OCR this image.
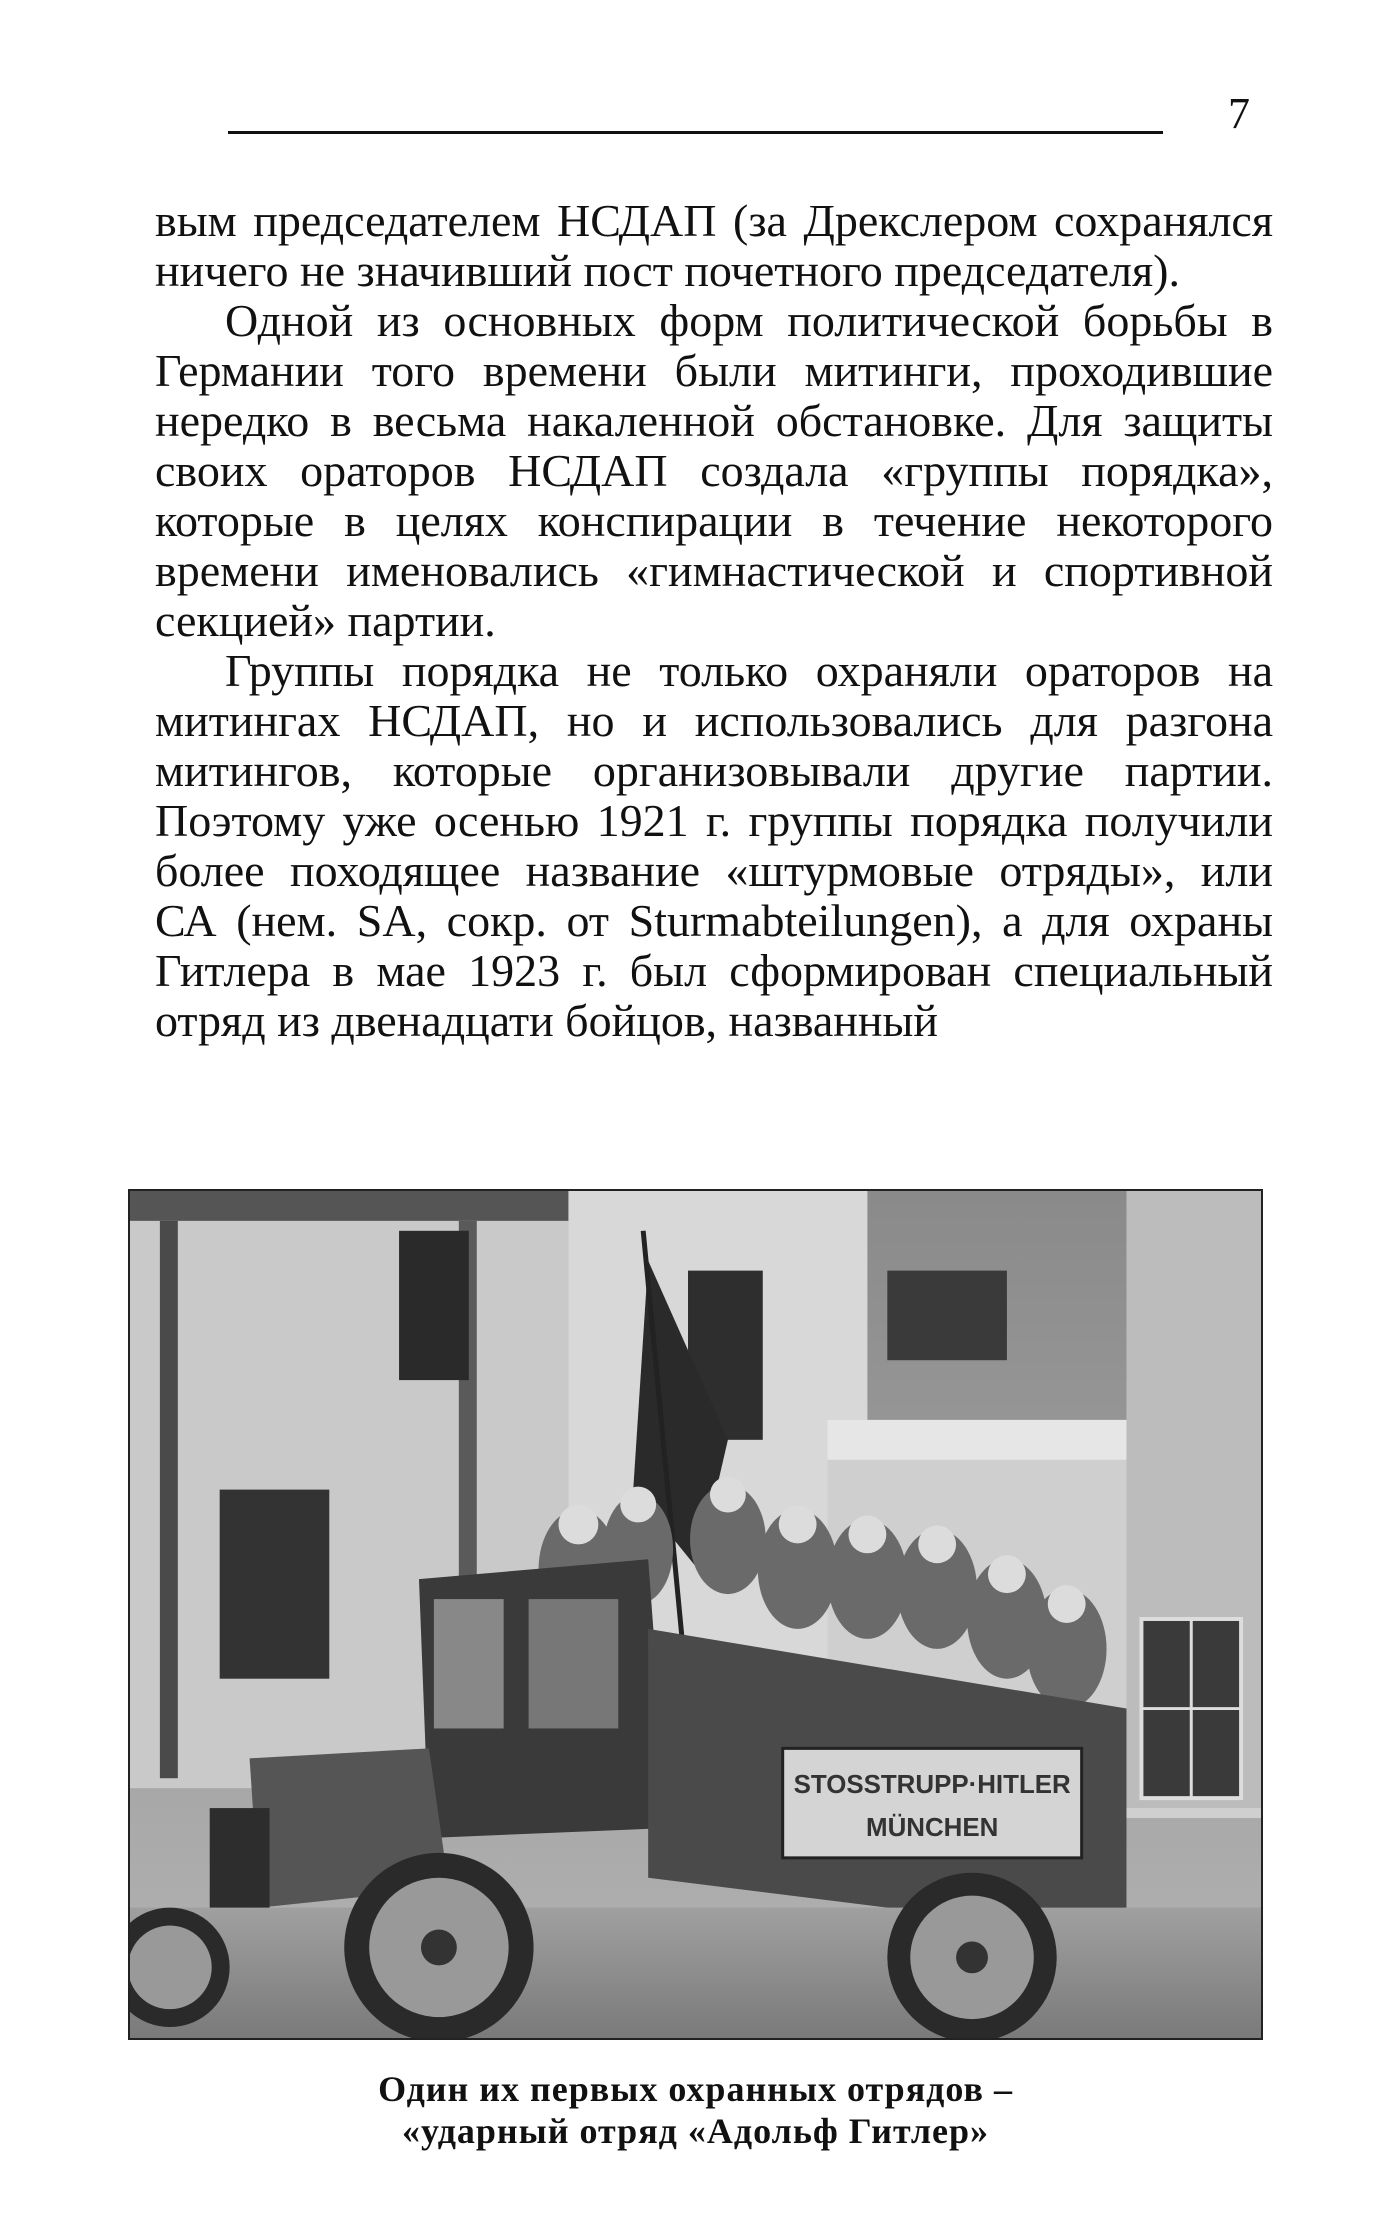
7

вым председателем НСДАП (за Дрекслером сохранялся ничего не значивший пост почетного председателя).

Одной из основных форм политической борьбы в Германии того времени были митинги, проходившие нередко в весьма накаленной обстановке. Для защиты своих ораторов НСДАП создала «группы порядка», которые в целях конспирации в течение некоторого времени именовались «гимнастической и спортивной секцией» партии.

Группы порядка не только охраняли ораторов на митингах НСДАП, но и использовались для разгона митингов, которые организовывали другие партии. Поэтому уже осенью 1921 г. группы порядка получили более походящее название «штурмовые отряды», или СА (нем. SA, сокр. от Sturmabteilungen), а для охраны Гитлера в мае 1923 г. был сформирован специальный отряд из двенадцати бойцов, названный

STOSSTRUPP·HITLER
MÜNCHEN
Один их первых охранных отрядов –
«ударный отряд «Адольф Гитлер»
